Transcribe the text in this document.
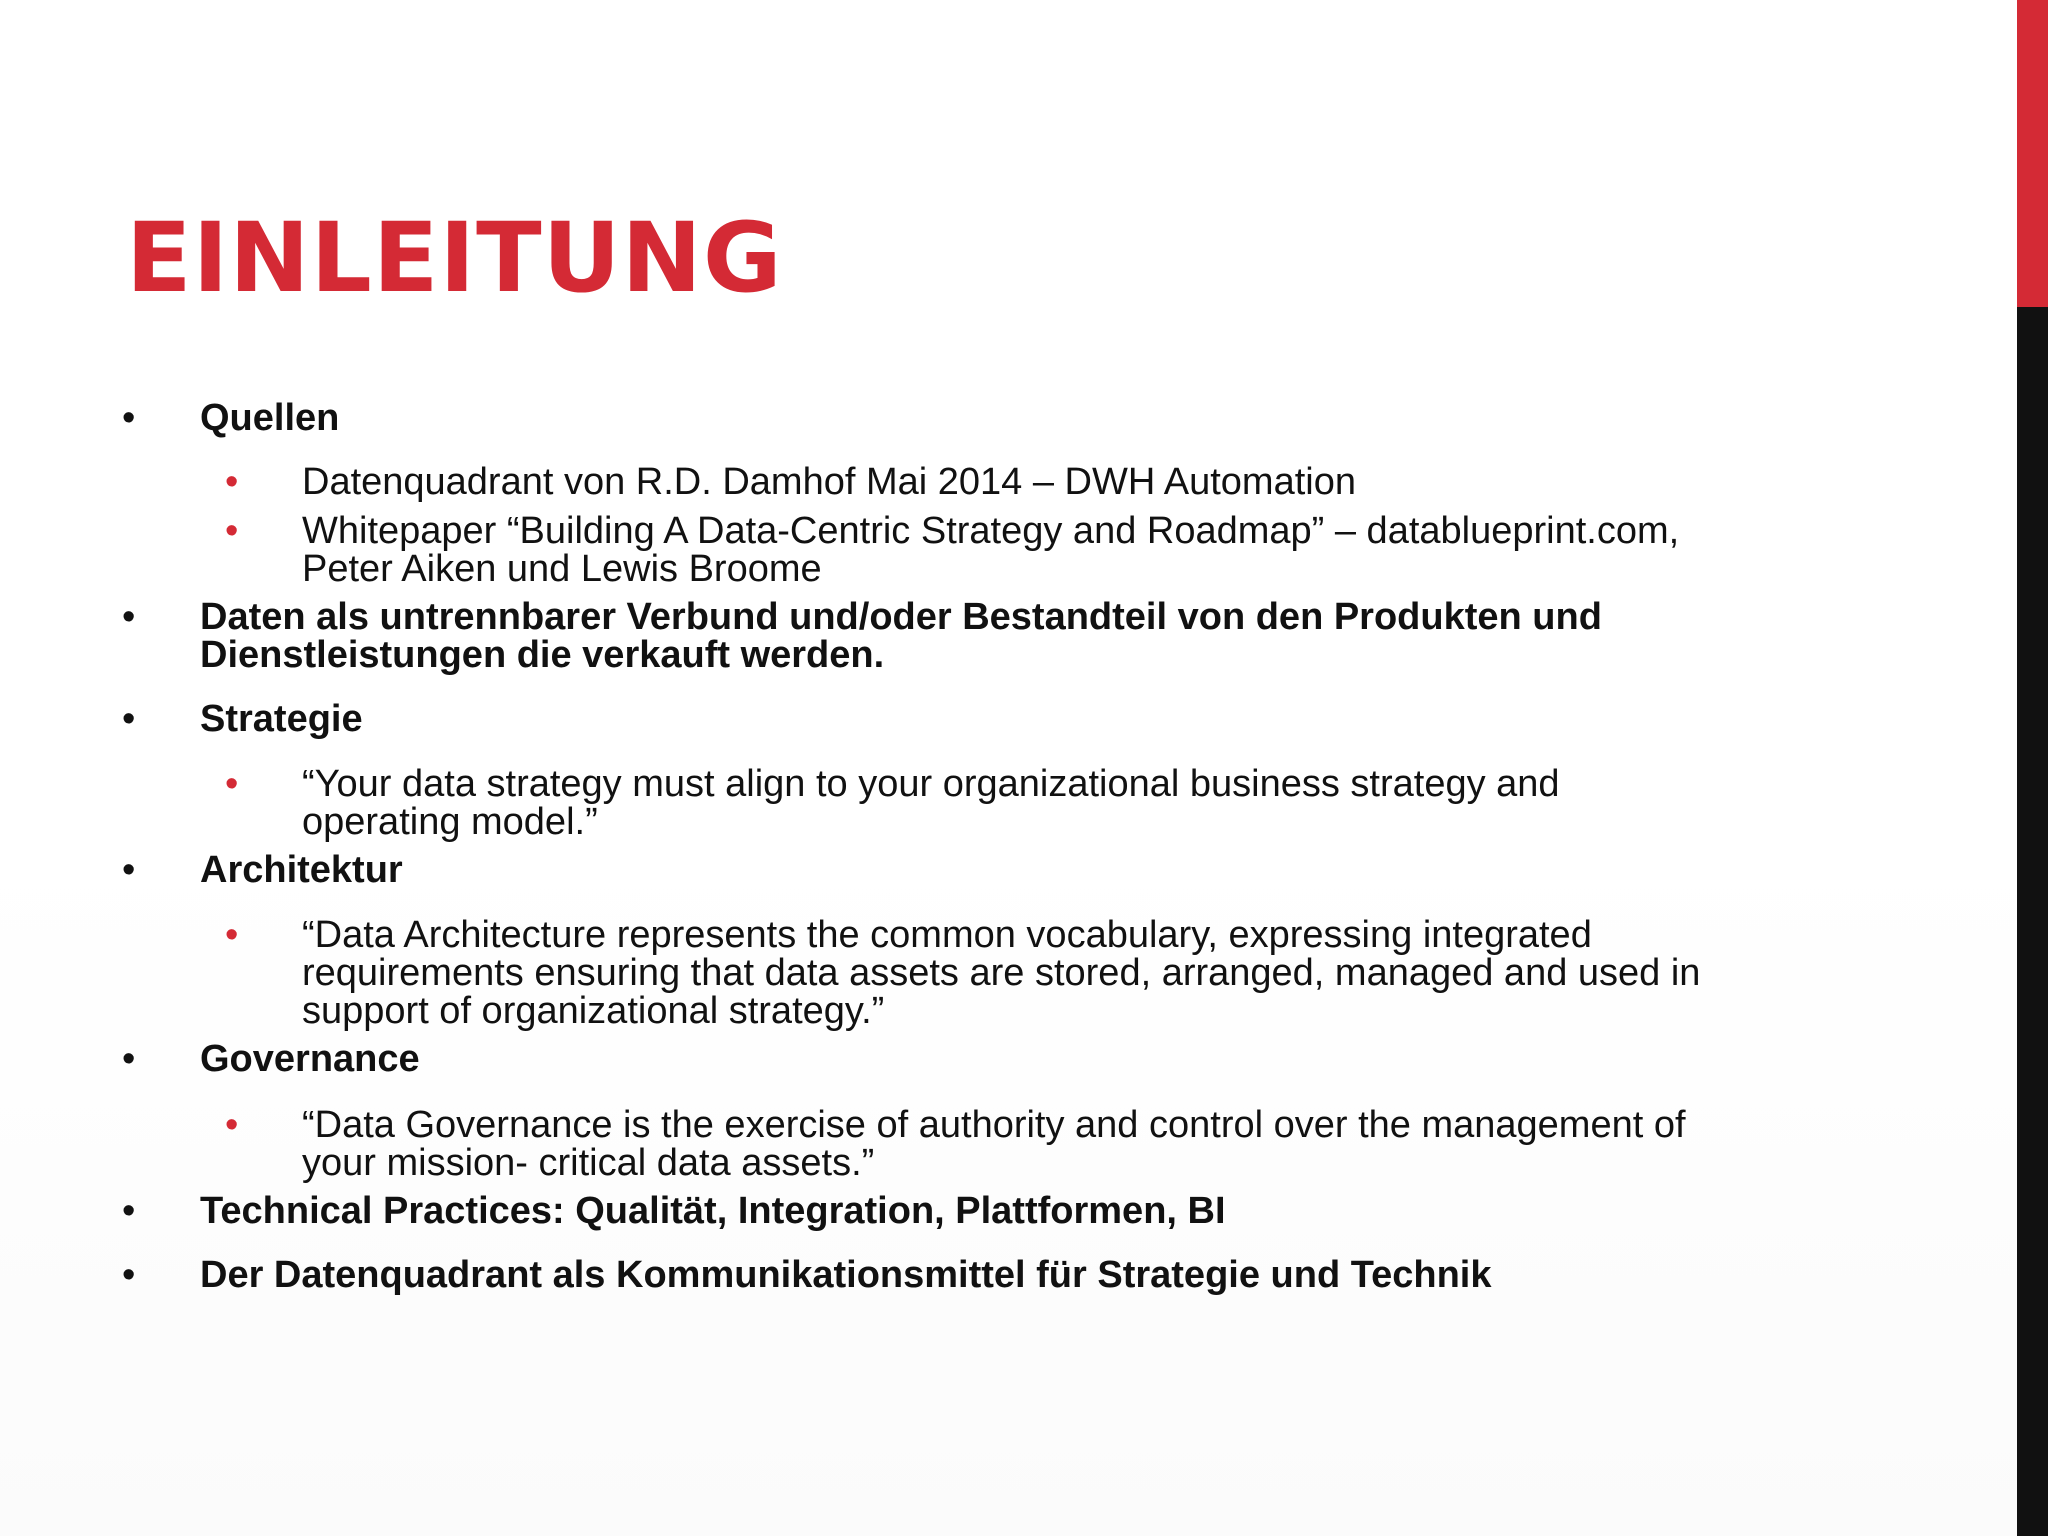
EINLEITUNG
• Quellen
• Datenquadrant von R.D. Damhof Mai 2014 – DWH Automation
• Whitepaper “Building A Data-Centric Strategy and Roadmap” – datablueprint.com,
Peter Aiken und Lewis Broome
• Daten als untrennbarer Verbund und/oder Bestandteil von den Produkten und
Dienstleistungen die verkauft werden.
• Strategie
• “Your data strategy must align to your organizational business strategy and
operating model.”
• Architektur
• “Data Architecture represents the common vocabulary, expressing integrated
requirements ensuring that data assets are stored, arranged, managed and used in
support of organizational strategy.”
• Governance
• “Data Governance is the exercise of authority and control over the management of
your mission- critical data assets.”
• Technical Practices: Qualität, Integration, Plattformen, BI
• Der Datenquadrant als Kommunikationsmittel für Strategie und Technik
